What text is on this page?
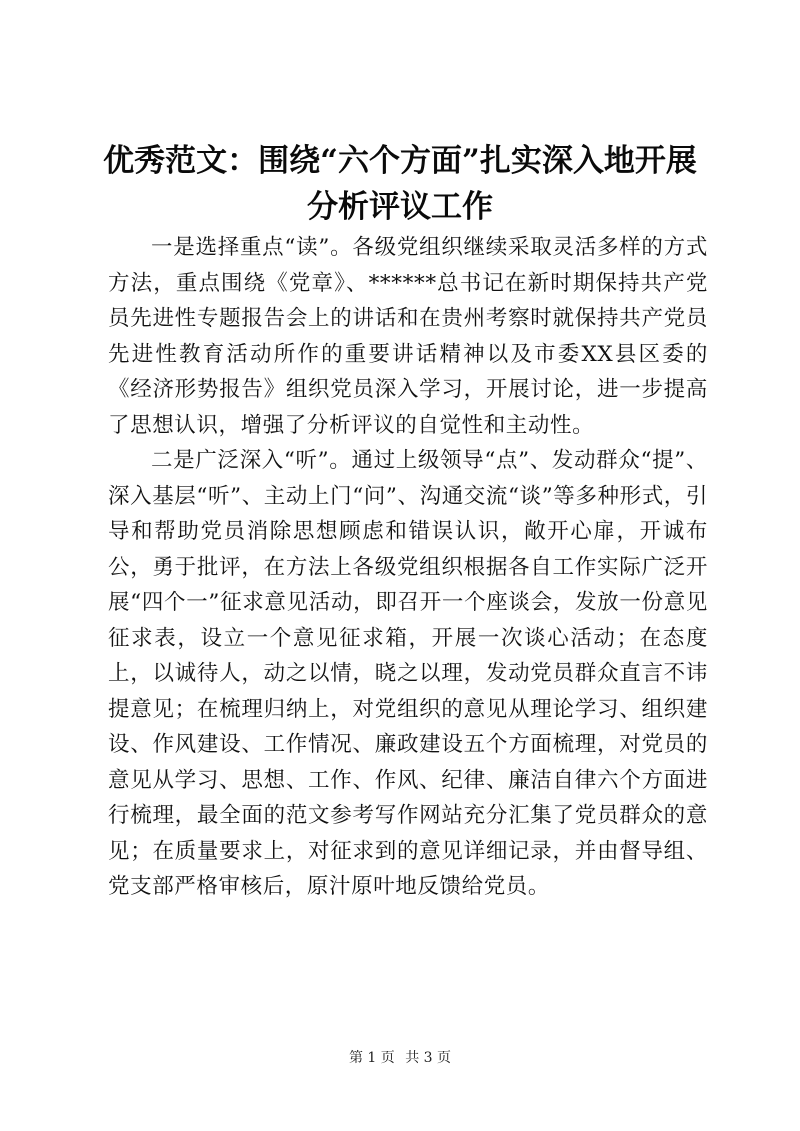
优秀范文：围绕“六个方面”扎实深入地开展
分析评议工作

一是选择重点“读”。各级党组织继续采取灵活多样的方式方法，重点围绕《党章》、******总书记在新时期保持共产党员先进性专题报告会上的讲话和在贵州考察时就保持共产党员先进性教育活动所作的重要讲话精神以及市委XX县区委的《经济形势报告》组织党员深入学习，开展讨论，进一步提高了思想认识，增强了分析评议的自觉性和主动性。

二是广泛深入“听”。通过上级领导“点”、发动群众“提”、深入基层“听”、主动上门“问”、沟通交流“谈”等多种形式，引导和帮助党员消除思想顾虑和错误认识，敞开心扉，开诚布公，勇于批评，在方法上各级党组织根据各自工作实际广泛开展“四个一”征求意见活动，即召开一个座谈会，发放一份意见征求表，设立一个意见征求箱，开展一次谈心活动；在态度上，以诚待人，动之以情，晓之以理，发动党员群众直言不讳提意见；在梳理归纳上，对党组织的意见从理论学习、组织建设、作风建设、工作情况、廉政建设五个方面梳理，对党员的意见从学习、思想、工作、作风、纪律、廉洁自律六个方面进行梳理，最全面的范文参考写作网站充分汇集了党员群众的意见；在质量要求上，对征求到的意见详细记录，并由督导组、党支部严格审核后，原汁原叶地反馈给党员。

第 1 页 共 3 页
